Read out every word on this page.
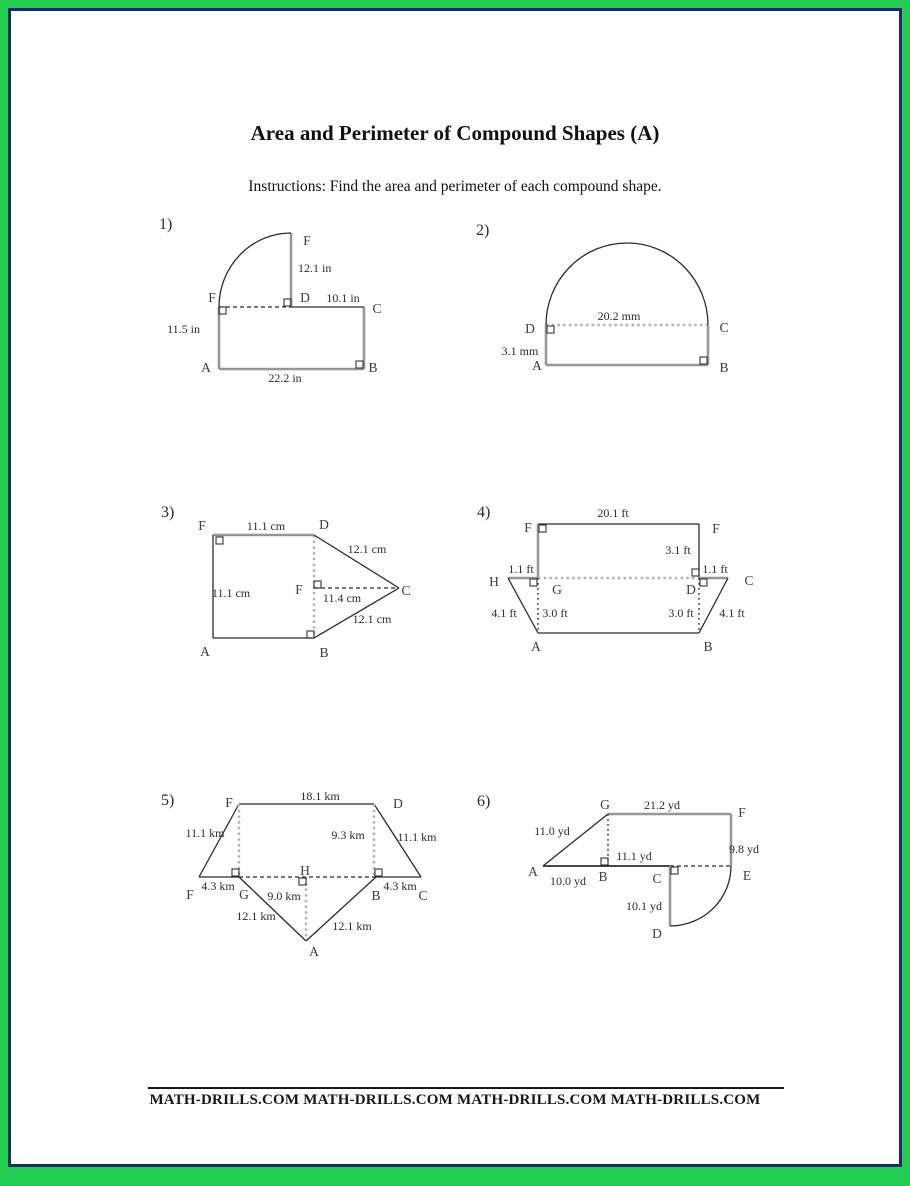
Area and Perimeter of Compound Shapes (A)

Instructions: Find the area and perimeter of each compound shape.

1)
F
12.1 in
F	D 10.1 in
C
11.5 in
A	B
22.2 in
2)
20.2 mm
D	C
3.1 mm
A	B
3)
F	11.1 cm	D
12.1 cm
11.1 cm	F
11.4 cm	C
12.1 cm
A	B
4)	20.1 ft
F	F
3.1 ft
1.1 ft	1.1 ft
H	C
G	D
4.1 ft 3.0 ft	3.0 ft 4.1 ft
A	B
5)	F	18.1 km	D
11.1 km	9.3 km	11.1 km
F
4.3 km
G
H
9.0 km	B
4.3 km
C
12.1 km
12.1 km
A
6)	G	21.2 yd	F
11.0 yd
9.8 yd
A
10.0 yd B
11.1 yd
C	E
10.1 yd
D
MATH-DRILLS.COM MATH-DRILLS.COM MATH-DRILLS.COM MATH-DRILLS.COM
